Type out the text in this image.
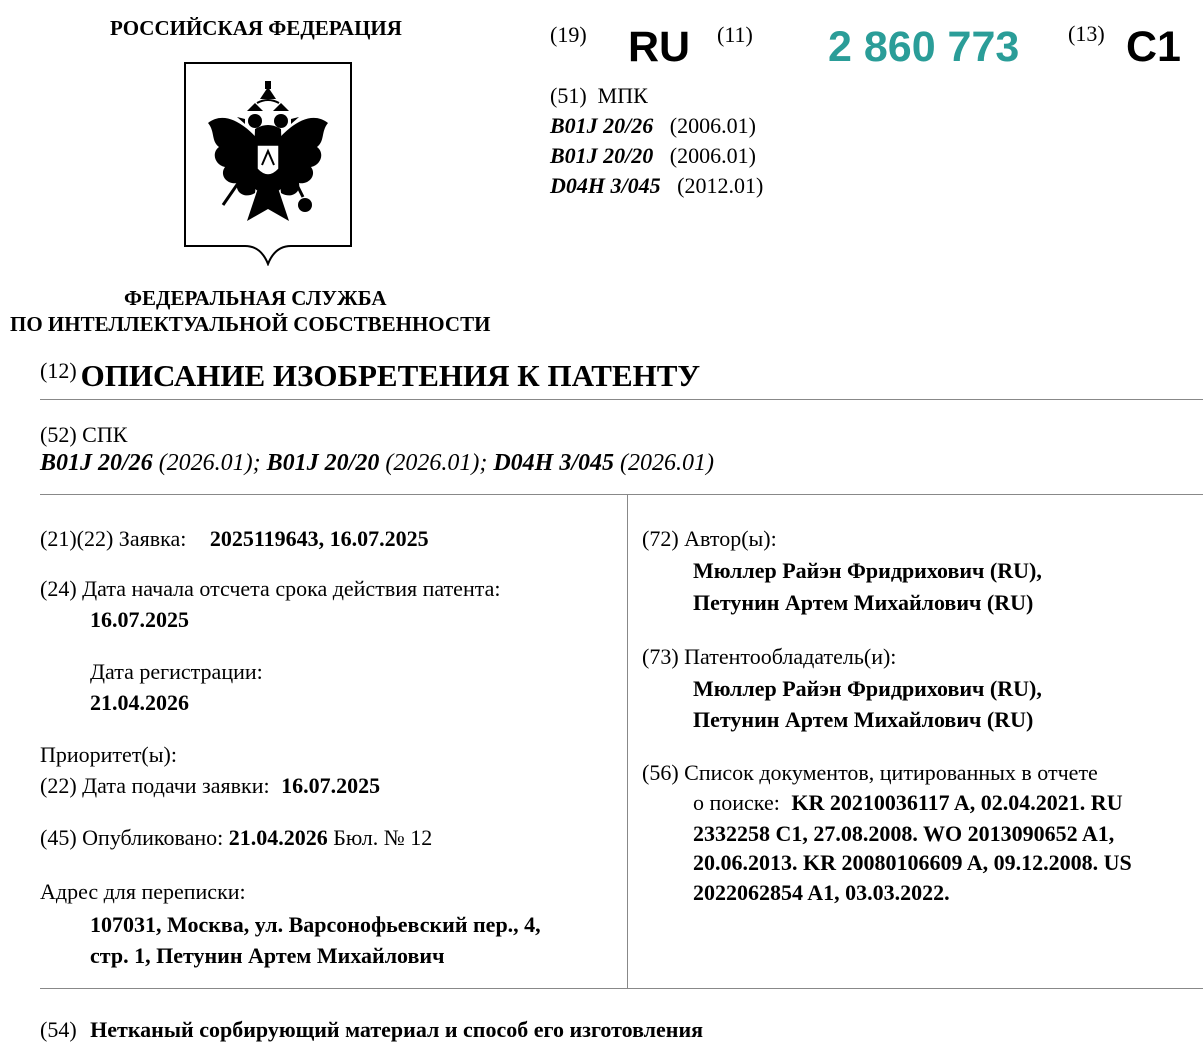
РОССИЙСКАЯ ФЕДЕРАЦИЯ
ФЕДЕРАЛЬНАЯ СЛУЖБА
ПО ИНТЕЛЛЕКТУАЛЬНОЙ СОБСТВЕННОСТИ
(19) RU (11) 2 860 773 (13) C1
(51) МПК
B01J 20/26 (2006.01)
B01J 20/20 (2006.01)
D04H 3/045 (2012.01)
(12) ОПИСАНИЕ ИЗОБРЕТЕНИЯ К ПАТЕНТУ
(52) СПК
B01J 20/26 (2026.01); B01J 20/20 (2026.01); D04H 3/045 (2026.01)
(21)(22) Заявка: 2025119643, 16.07.2025
(24) Дата начала отсчета срока действия патента:
16.07.2025
Дата регистрации:
21.04.2026
Приоритет(ы):
(22) Дата подачи заявки: 16.07.2025
(45) Опубликовано: 21.04.2026 Бюл. № 12
Адрес для переписки:
107031, Москва, ул. Варсонофьевский пер., 4,
стр. 1, Петунин Артем Михайлович
(72) Автор(ы):
Мюллер Райэн Фридрихович (RU),
Петунин Артем Михайлович (RU)
(73) Патентообладатель(и):
Мюллер Райэн Фридрихович (RU),
Петунин Артем Михайлович (RU)
(56) Список документов, цитированных в отчете
о поиске: KR 20210036117 A, 02.04.2021. RU
2332258 C1, 27.08.2008. WO 2013090652 A1,
20.06.2013. KR 20080106609 A, 09.12.2008. US
2022062854 A1, 03.03.2022.
(54) Нетканый сорбирующий материал и способ его изготовления
